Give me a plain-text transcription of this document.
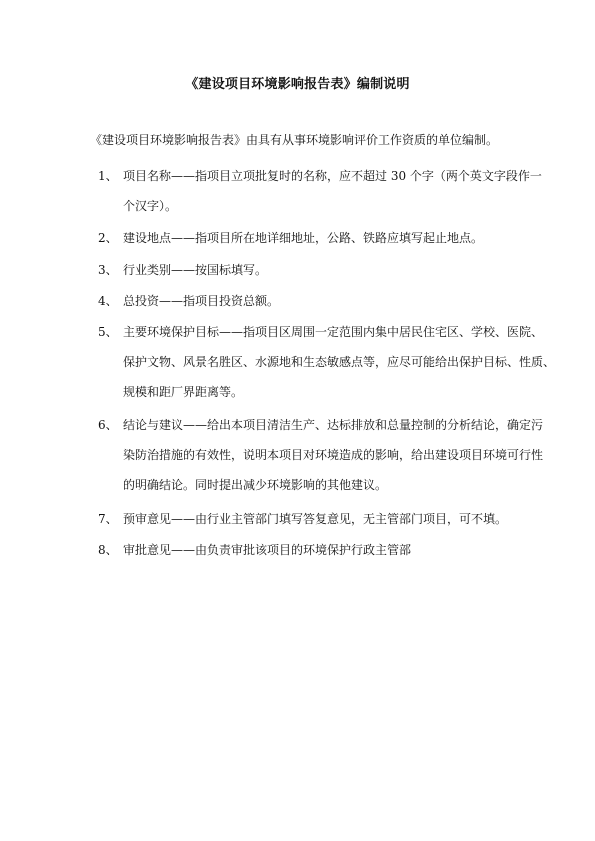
《建设项目环境影响报告表》编制说明
《建设项目环境影响报告表》由具有从事环境影响评价工作资质的单位编制。
1、 项目名称——指项目立项批复时的名称，应不超过 30 个字（两个英文字段作一
个汉字）。
2、 建设地点——指项目所在地详细地址，公路、铁路应填写起止地点。
3、 行业类别——按国标填写。
4、 总投资——指项目投资总额。
5、 主要环境保护目标——指项目区周围一定范围内集中居民住宅区、学校、医院、
保护文物、风景名胜区、水源地和生态敏感点等，应尽可能给出保护目标、性质、
规模和距厂界距离等。
6、 结论与建议——给出本项目清洁生产、达标排放和总量控制的分析结论，确定污
染防治措施的有效性，说明本项目对环境造成的影响，给出建设项目环境可行性
的明确结论。同时提出减少环境影响的其他建议。
7、 预审意见——由行业主管部门填写答复意见，无主管部门项目，可不填。
8、 审批意见——由负责审批该项目的环境保护行政主管部
